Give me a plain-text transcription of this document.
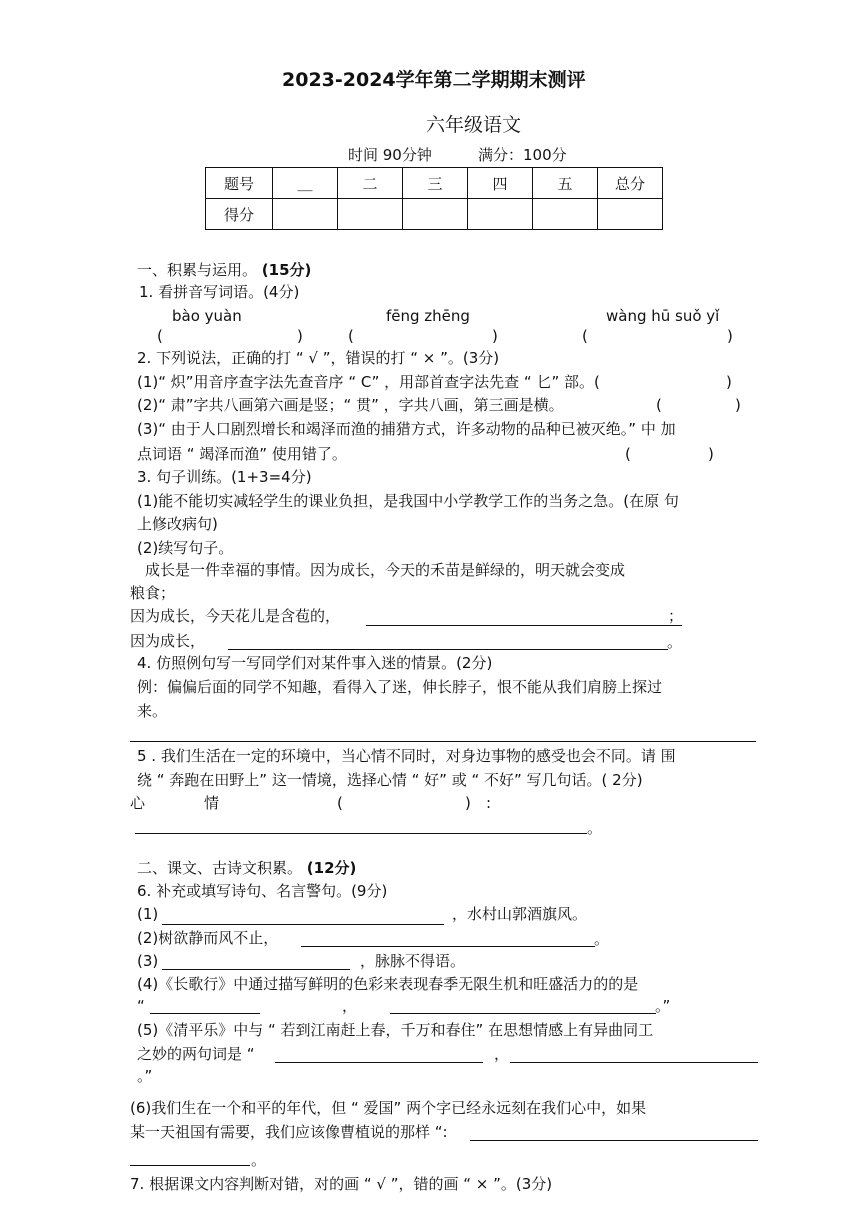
2023-2024学年第二学期期末测评
六年级语文
时间 90分钟	满分：100分
题号	＿	二	三	四	五	总分
得分						
一、积累与运用。 (15分)
1. 看拼音写词语。(4分)
bào yuàn	fēng zhēng	wàng hū suǒ yǐ
(	)	(	)	(	)
2. 下列说法，正确的打 “ √ ”，错误的打 “ × ”。(3分)
(1)“ 炽”用音序查字法先查音序 “ C” ，用部首查字法先查 “ 匕” 部。(	)
(2)“ 肃”字共八画第六画是竖；“ 贯” ，字共八画，第三画是横。	(	)
(3)“ 由于人口剧烈增长和竭泽而渔的捕猎方式，许多动物的品种已被灭绝。” 中 加
点词语 “ 竭泽而渔” 使用错了。	(	)
3. 句子训练。(1+3=4分)
(1)能不能切实减轻学生的课业负担，是我国中小学教学工作的当务之急。(在原 句
上修改病句)
(2)续写句子。
成长是一件幸福的事情。因为成长，今天的禾苗是鲜绿的，明天就会变成
粮食；
因为成长，今天花儿是含苞的，	；
因为成长，	。
4. 仿照例句写一写同学们对某件事入迷的情景。(2分)
例：偏偏后面的同学不知趣，看得入了迷，伸长脖子，恨不能从我们肩膀上探过
来。
5 . 我们生活在一定的环境中，当心情不同时，对身边事物的感受也会不同。请 围
绕 “ 奔跑在田野上” 这一情境，选择心情 “ 好” 或 “ 不好” 写几句话。( 2分)
心	情	(	) :
。
二、课文、古诗文积累。 (12分)
6. 补充或填写诗句、名言警句。(9分)
(1)	，水村山郭酒旗风。
(2)树欲静而风不止，	。
(3)	，脉脉不得语。
(4)《长歌行》中通过描写鲜明的色彩来表现春季无限生机和旺盛活力的的是
“	，	。”
(5)《清平乐》中与 “ 若到江南赶上春，千万和春住” 在思想情感上有异曲同工
之妙的两句词是 “	，
。”
(6)我们生在一个和平的年代，但 “ 爱国” 两个字已经永远刻在我们心中，如果
某一天祖国有需要，我们应该像曹植说的那样 “:
。
7. 根据课文内容判断对错，对的画 “ √ ”，错的画 “ × ”。(3分)
